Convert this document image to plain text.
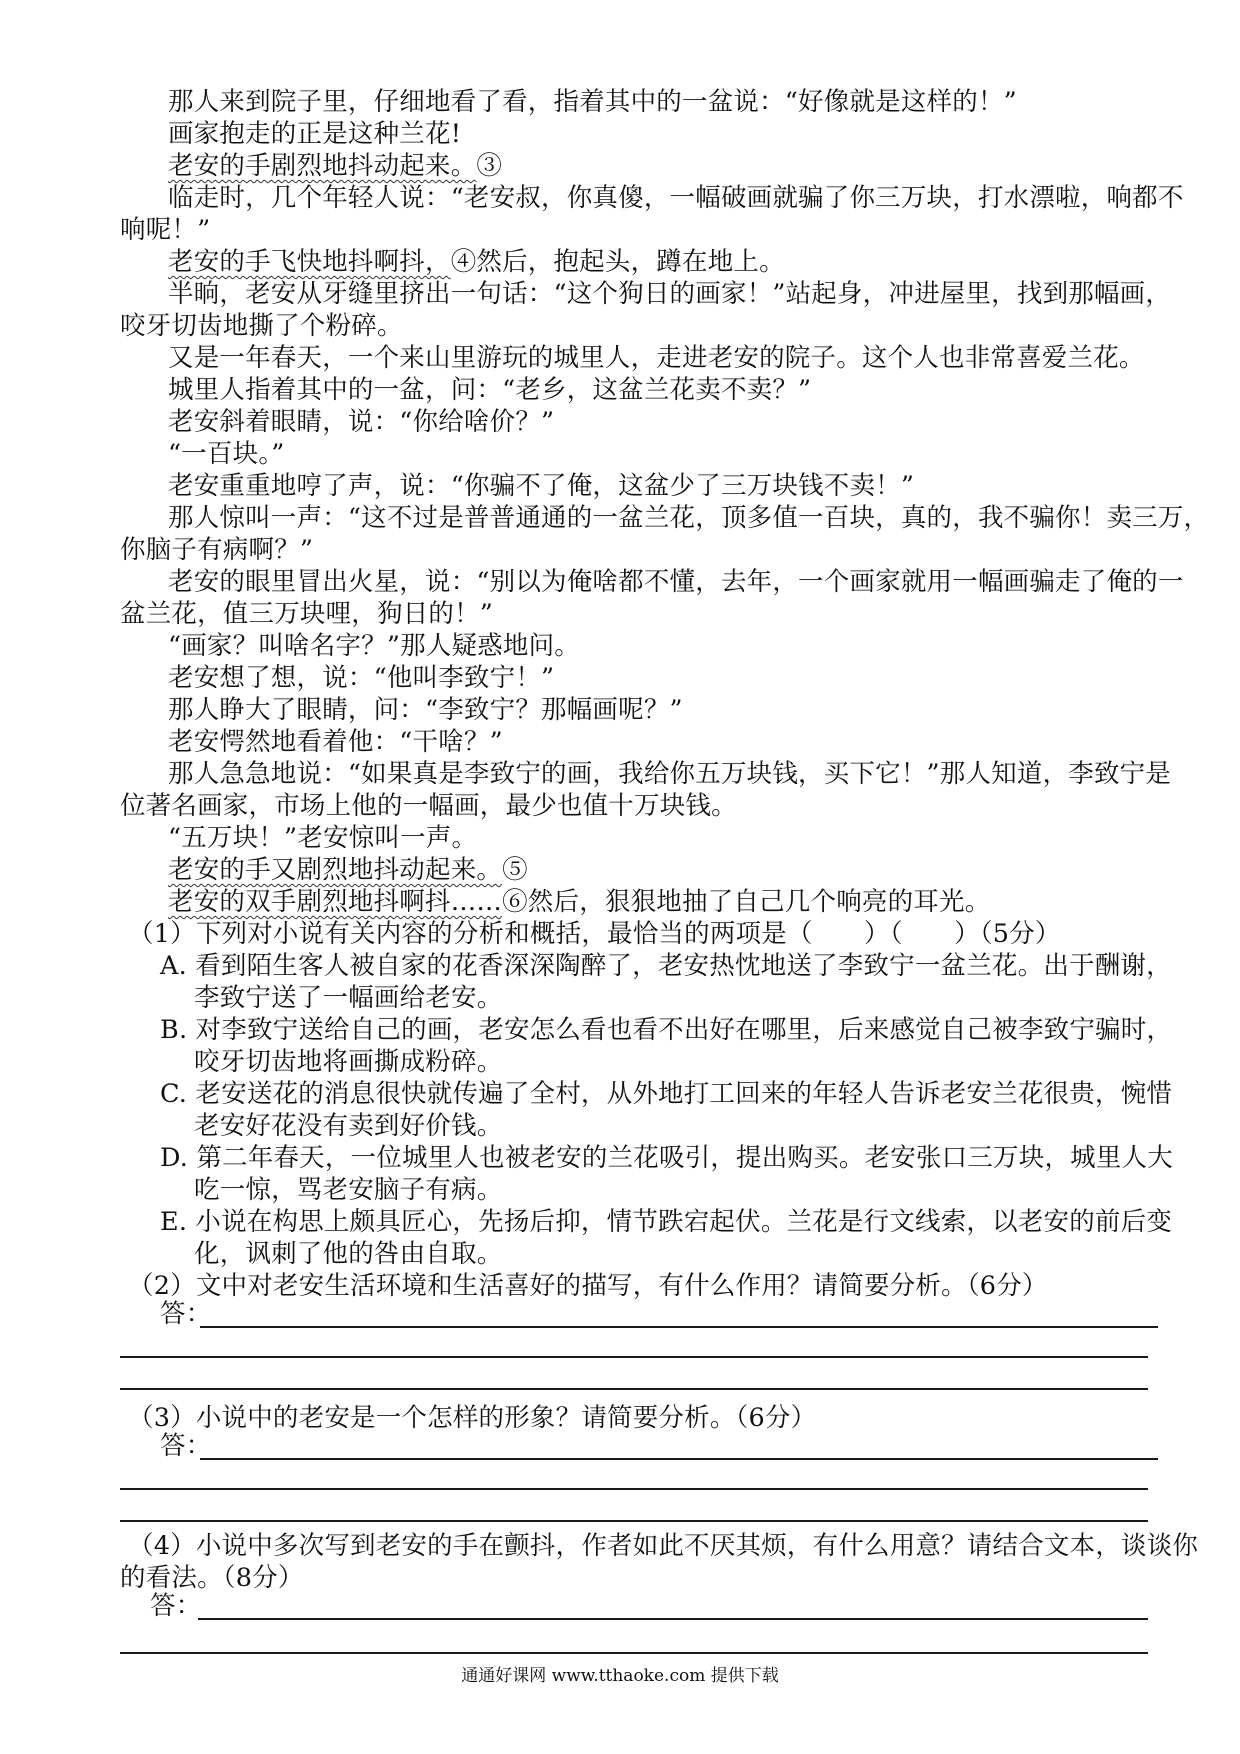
那人来到院子里，仔细地看了看，指着其中的一盆说：“好像就是这样的！”
画家抱走的正是这种兰花!
老安的手剧烈地抖动起来。③
临走时，几个年轻人说：“老安叔，你真傻，一幅破画就骗了你三万块，打水漂啦，响都不
响呢！”
老安的手飞快地抖啊抖，④然后，抱起头，蹲在地上。
半晌，老安从牙缝里挤出一句话：“这个狗日的画家！”站起身，冲进屋里，找到那幅画，
咬牙切齿地撕了个粉碎。
又是一年春天，一个来山里游玩的城里人，走进老安的院子。这个人也非常喜爱兰花。
城里人指着其中的一盆，问：“老乡，这盆兰花卖不卖？”
老安斜着眼睛，说：“你给啥价？”
“一百块。”
老安重重地哼了声，说：“你骗不了俺，这盆少了三万块钱不卖！”
那人惊叫一声：“这不过是普普通通的一盆兰花，顶多值一百块，真的，我不骗你！卖三万，
你脑子有病啊？”
老安的眼里冒出火星，说：“别以为俺啥都不懂，去年，一个画家就用一幅画骗走了俺的一
盆兰花，值三万块哩，狗日的！”
“画家？叫啥名字？”那人疑惑地问。
老安想了想，说：“他叫李致宁！”
那人睁大了眼睛，问：“李致宁？那幅画呢？”
老安愕然地看着他：“干啥？”
那人急急地说：“如果真是李致宁的画，我给你五万块钱，买下它！”那人知道，李致宁是
位著名画家，市场上他的一幅画，最少也值十万块钱。
“五万块！”老安惊叫一声。
老安的手又剧烈地抖动起来。⑤
老安的双手剧烈地抖啊抖……⑥然后，狠狠地抽了自己几个响亮的耳光。
（1）下列对小说有关内容的分析和概括，最恰当的两项是（　　）（　　）（5分）
A. 看到陌生客人被自家的花香深深陶醉了，老安热忱地送了李致宁一盆兰花。出于酬谢，
李致宁送了一幅画给老安。
B. 对李致宁送给自己的画，老安怎么看也看不出好在哪里，后来感觉自己被李致宁骗时，
咬牙切齿地将画撕成粉碎。
C. 老安送花的消息很快就传遍了全村，从外地打工回来的年轻人告诉老安兰花很贵，惋惜
老安好花没有卖到好价钱。
D. 第二年春天，一位城里人也被老安的兰花吸引，提出购买。老安张口三万块，城里人大
吃一惊，骂老安脑子有病。
E. 小说在构思上颇具匠心，先扬后抑，情节跌宕起伏。兰花是行文线索，以老安的前后变
化，讽刺了他的咎由自取。
（2）文中对老安生活环境和生活喜好的描写，有什么作用？请简要分析。（6分）
答：
（3）小说中的老安是一个怎样的形象？请简要分析。（6分）
答：
（4）小说中多次写到老安的手在颤抖，作者如此不厌其烦，有什么用意？请结合文本，谈谈你
的看法。（8分）
答：
通通好课网 www.tthaoke.com 提供下载
